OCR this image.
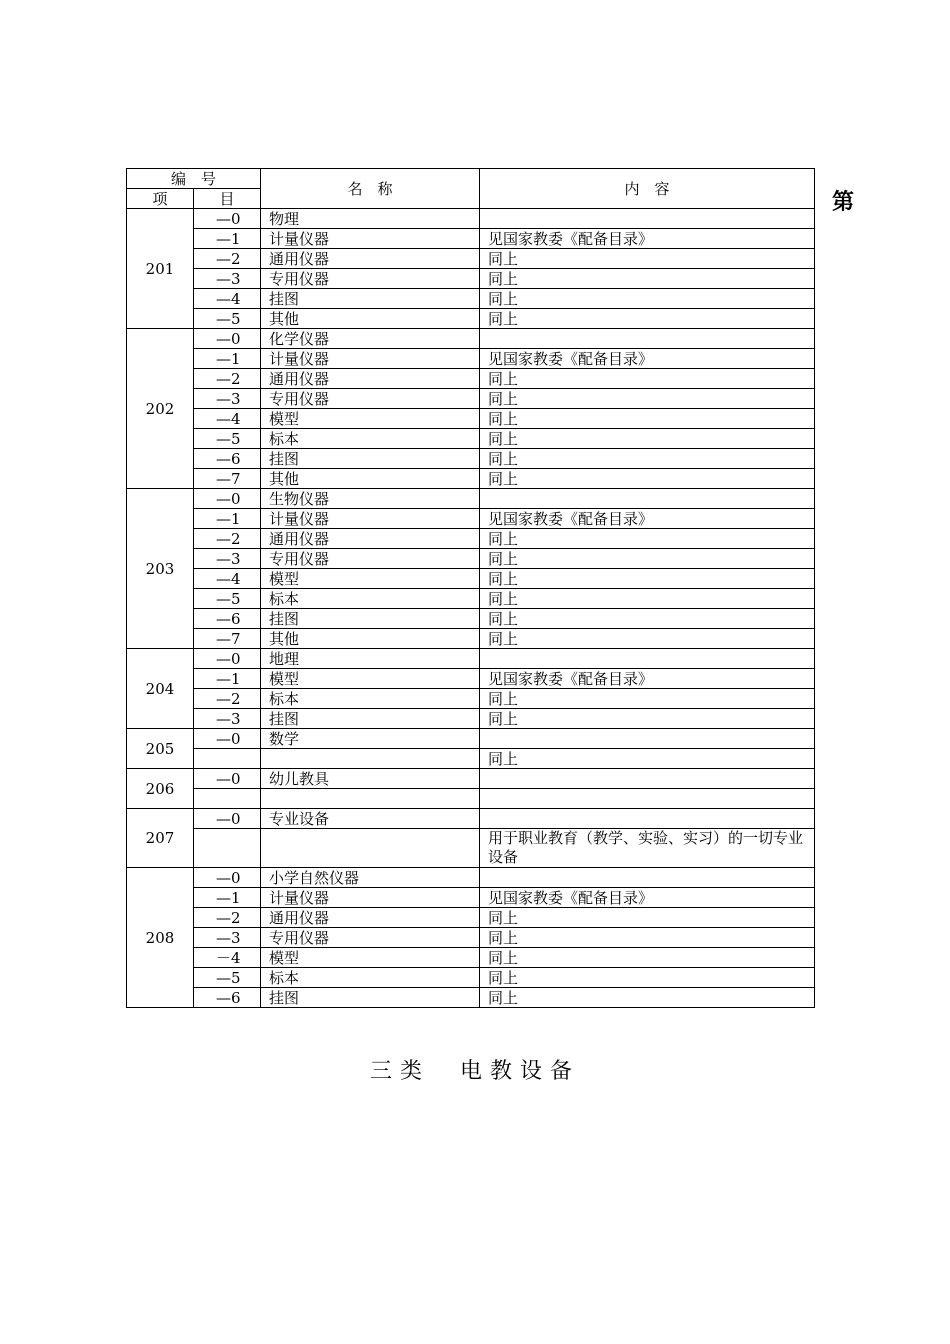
编　号		名　称	内　容
项	目		
201	—0	物理	
	—1	计量仪器	见国家教委《配备目录》
	—2	通用仪器	同上
	—3	专用仪器	同上
	—4	挂图	同上
	—5	其他	同上
202	—0	化学仪器	
	—1	计量仪器	见国家教委《配备目录》
	—2	通用仪器	同上
	—3	专用仪器	同上
	—4	模型	同上
	—5	标本	同上
	—6	挂图	同上
	—7	其他	同上
203	—0	生物仪器	
	—1	计量仪器	见国家教委《配备目录》
	—2	通用仪器	同上
	—3	专用仪器	同上
	—4	模型	同上
	—5	标本	同上
	—6	挂图	同上
	—7	其他	同上
204	—0	地理	
	—1	模型	见国家教委《配备目录》
	—2	标本	同上
	—3	挂图	同上
205	—0	数学	
			同上
206	—0	幼儿教具	

207	—0	专业设备	
			用于职业教育（教学、实验、实习）的一切专业设备
208	—0	小学自然仪器	
	—1	计量仪器	见国家教委《配备目录》
	—2	通用仪器	同上
	—3	专用仪器	同上
	－4	模型	同上
	—5	标本	同上
	—6	挂图	同上
第
三类　电教设备
